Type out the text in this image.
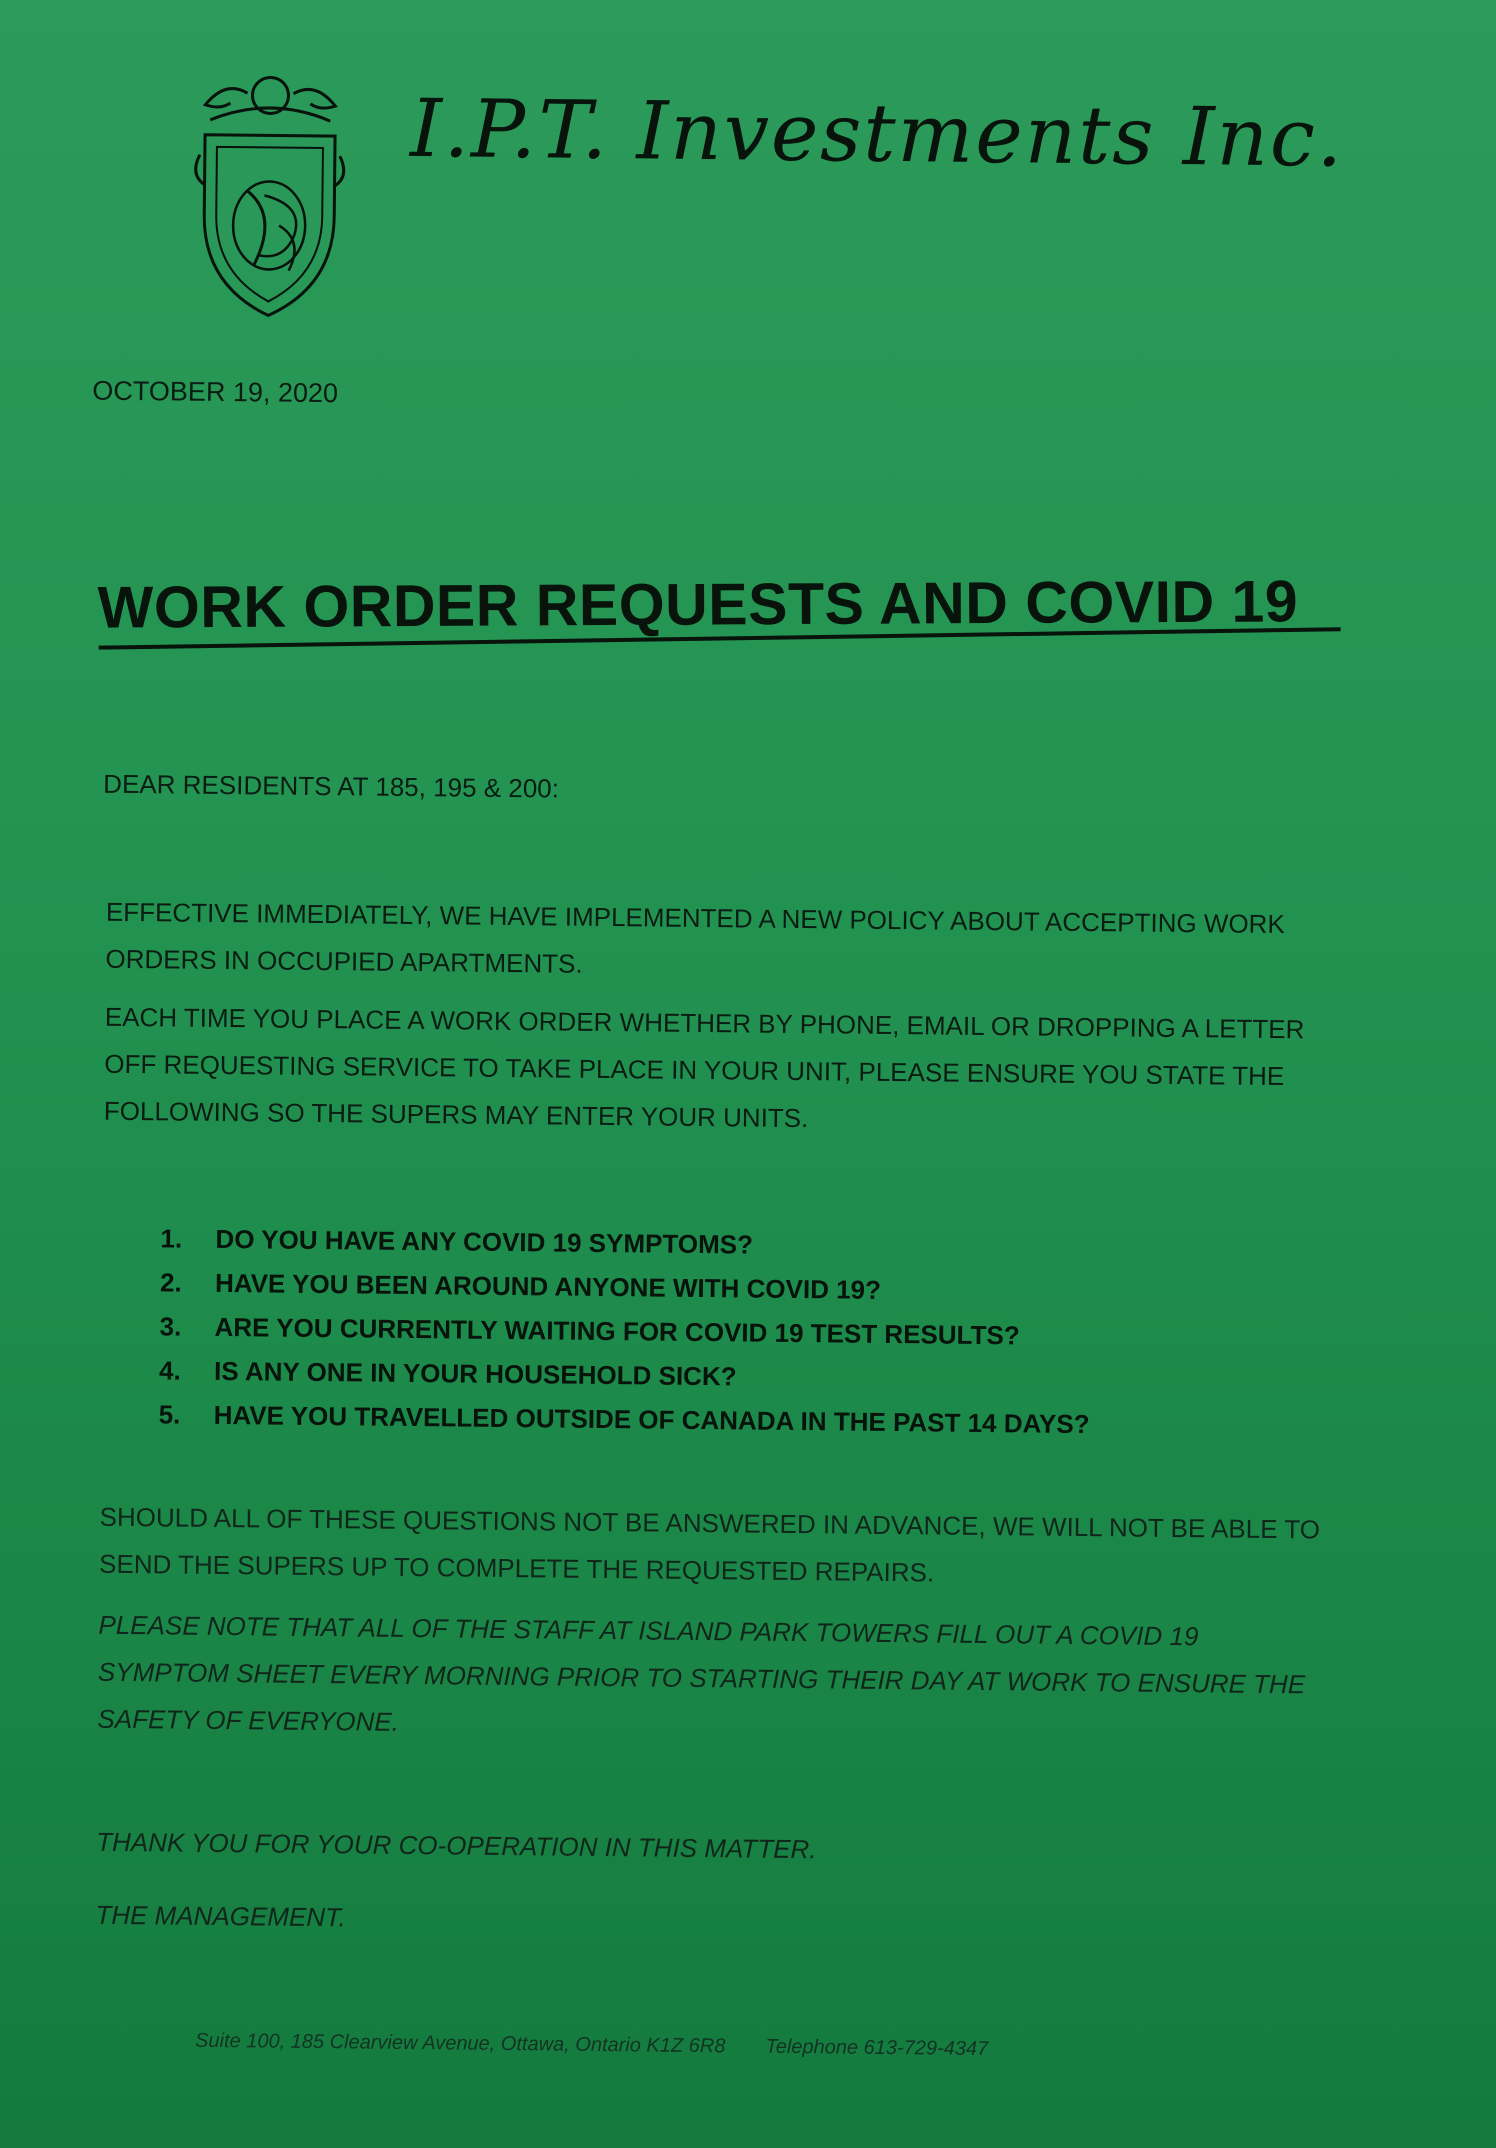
I.P.T. Investments Inc.
OCTOBER 19, 2020
WORK ORDER REQUESTS AND COVID 19
DEAR RESIDENTS AT 185, 195 & 200:
EFFECTIVE IMMEDIATELY, WE HAVE IMPLEMENTED A NEW POLICY ABOUT ACCEPTING WORK
ORDERS IN OCCUPIED APARTMENTS.
EACH TIME YOU PLACE A WORK ORDER WHETHER BY PHONE, EMAIL OR DROPPING A LETTER
OFF REQUESTING SERVICE TO TAKE PLACE IN YOUR UNIT, PLEASE ENSURE YOU STATE THE
FOLLOWING SO THE SUPERS MAY ENTER YOUR UNITS.
1. DO YOU HAVE ANY COVID 19 SYMPTOMS?
2. HAVE YOU BEEN AROUND ANYONE WITH COVID 19?
3. ARE YOU CURRENTLY WAITING FOR COVID 19 TEST RESULTS?
4. IS ANY ONE IN YOUR HOUSEHOLD SICK?
5. HAVE YOU TRAVELLED OUTSIDE OF CANADA IN THE PAST 14 DAYS?
SHOULD ALL OF THESE QUESTIONS NOT BE ANSWERED IN ADVANCE, WE WILL NOT BE ABLE TO
SEND THE SUPERS UP TO COMPLETE THE REQUESTED REPAIRS.
PLEASE NOTE THAT ALL OF THE STAFF AT ISLAND PARK TOWERS FILL OUT A COVID 19
SYMPTOM SHEET EVERY MORNING PRIOR TO STARTING THEIR DAY AT WORK TO ENSURE THE
SAFETY OF EVERYONE.
THANK YOU FOR YOUR CO-OPERATION IN THIS MATTER.
THE MANAGEMENT.
Suite 100, 185 Clearview Avenue, Ottawa, Ontario K1Z 6R8 Telephone 613-729-4347
